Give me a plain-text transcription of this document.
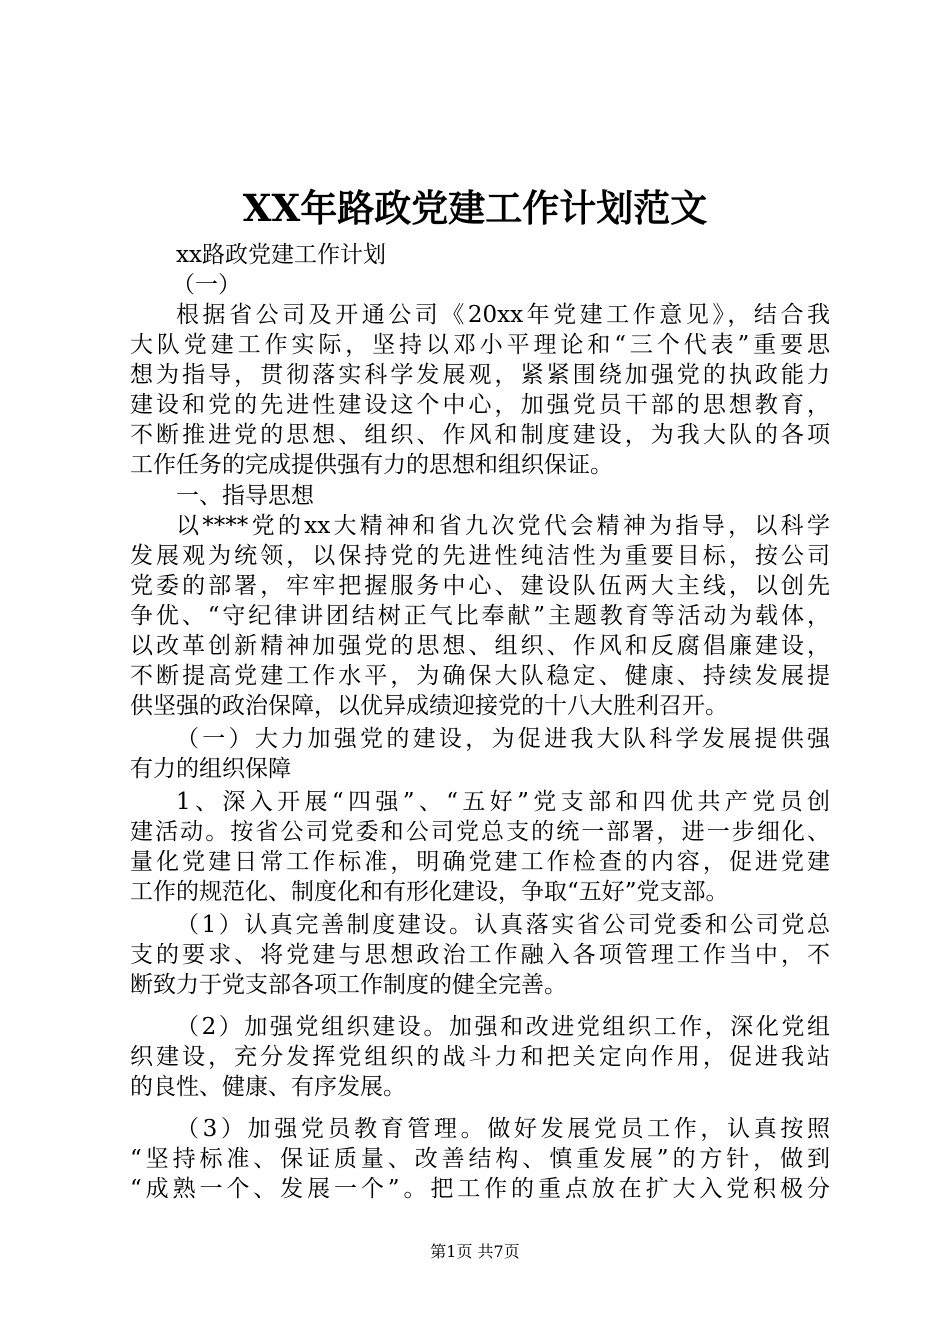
XX年路政党建工作计划范文
xx路政党建工作计划
（一）
根据省公司及开通公司《20xx年党建工作意见》，结合我
大队党建工作实际，坚持以邓小平理论和“三个代表”重要思
想为指导，贯彻落实科学发展观，紧紧围绕加强党的执政能力
建设和党的先进性建设这个中心，加强党员干部的思想教育，
不断推进党的思想、组织、作风和制度建设，为我大队的各项
工作任务的完成提供强有力的思想和组织保证。
一、指导思想
以****党的xx大精神和省九次党代会精神为指导，以科学
发展观为统领，以保持党的先进性纯洁性为重要目标，按公司
党委的部署，牢牢把握服务中心、建设队伍两大主线，以创先
争优、“守纪律讲团结树正气比奉献”主题教育等活动为载体，
以改革创新精神加强党的思想、组织、作风和反腐倡廉建设，
不断提高党建工作水平，为确保大队稳定、健康、持续发展提
供坚强的政治保障，以优异成绩迎接党的十八大胜利召开。
（一）大力加强党的建设，为促进我大队科学发展提供强
有力的组织保障
1、深入开展“四强”、“五好”党支部和四优共产党员创
建活动。按省公司党委和公司党总支的统一部署，进一步细化、
量化党建日常工作标准，明确党建工作检查的内容，促进党建
工作的规范化、制度化和有形化建设，争取“五好”党支部。
（1）认真完善制度建设。认真落实省公司党委和公司党总
支的要求、将党建与思想政治工作融入各项管理工作当中，不
断致力于党支部各项工作制度的健全完善。
（2）加强党组织建设。加强和改进党组织工作，深化党组
织建设，充分发挥党组织的战斗力和把关定向作用，促进我站
的良性、健康、有序发展。
（3）加强党员教育管理。做好发展党员工作，认真按照
“坚持标准、保证质量、改善结构、慎重发展”的方针，做到
“成熟一个、发展一个”。把工作的重点放在扩大入党积极分
第1页 共7页
